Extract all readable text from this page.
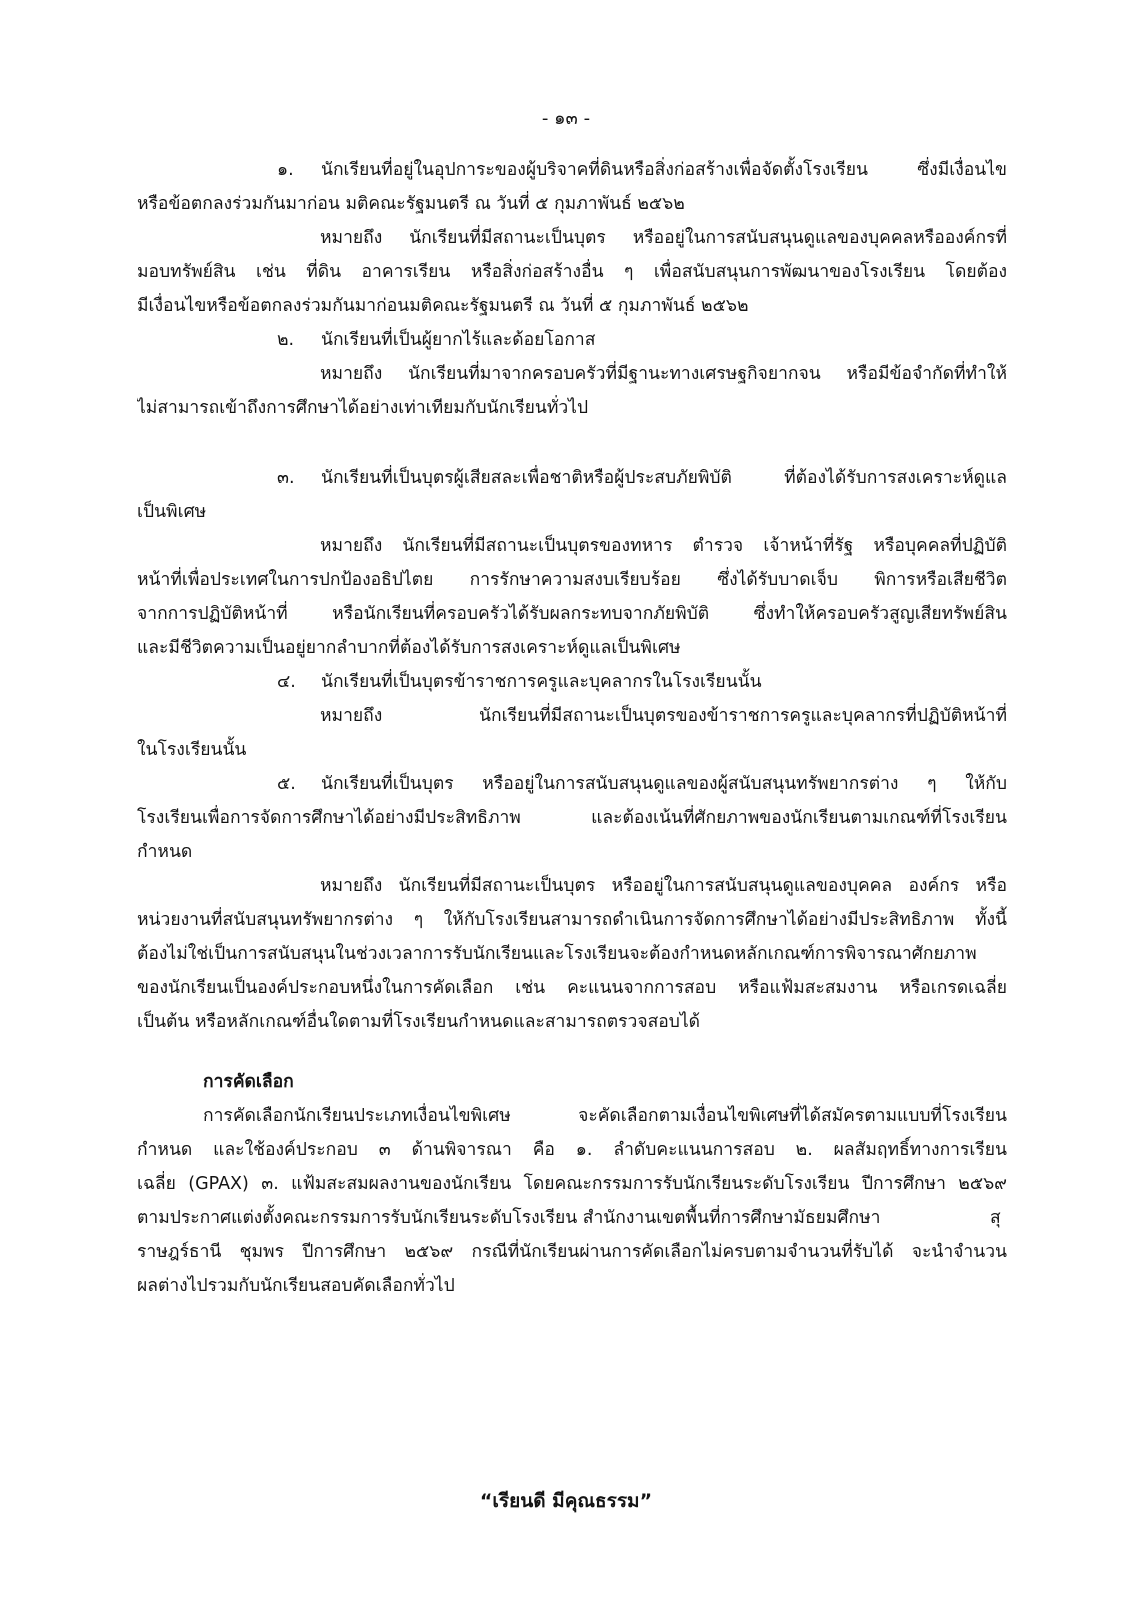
- ๑๓ -
๑. นักเรียนที่อยู่ในอุปการะของผู้บริจาคที่ดินหรือสิ่งก่อสร้างเพื่อจัดตั้งโรงเรียน ซึ่งมีเงื่อนไข
หรือข้อตกลงร่วมกันมาก่อน มติคณะรัฐมนตรี ณ วันที่ ๕ กุมภาพันธ์ ๒๕๖๒
หมายถึง นักเรียนที่มีสถานะเป็นบุตร หรืออยู่ในการสนับสนุนดูแลของบุคคลหรือองค์กรที่
มอบทรัพย์สิน เช่น ที่ดิน อาคารเรียน หรือสิ่งก่อสร้างอื่น ๆ เพื่อสนับสนุนการพัฒนาของโรงเรียน โดยต้อง
มีเงื่อนไขหรือข้อตกลงร่วมกันมาก่อนมติคณะรัฐมนตรี ณ วันที่ ๕ กุมภาพันธ์ ๒๕๖๒
๒. นักเรียนที่เป็นผู้ยากไร้และด้อยโอกาส
หมายถึง นักเรียนที่มาจากครอบครัวที่มีฐานะทางเศรษฐกิจยากจน หรือมีข้อจำกัดที่ทำให้
ไม่สามารถเข้าถึงการศึกษาได้อย่างเท่าเทียมกับนักเรียนทั่วไป
๓. นักเรียนที่เป็นบุตรผู้เสียสละเพื่อชาติหรือผู้ประสบภัยพิบัติ ที่ต้องได้รับการสงเคราะห์ดูแล
เป็นพิเศษ
หมายถึง นักเรียนที่มีสถานะเป็นบุตรของทหาร ตำรวจ เจ้าหน้าที่รัฐ หรือบุคคลที่ปฏิบัติ
หน้าที่เพื่อประเทศในการปกป้องอธิปไตย การรักษาความสงบเรียบร้อย ซึ่งได้รับบาดเจ็บ พิการหรือเสียชีวิต
จากการปฏิบัติหน้าที่ หรือนักเรียนที่ครอบครัวได้รับผลกระทบจากภัยพิบัติ ซึ่งทำให้ครอบครัวสูญเสียทรัพย์สิน
และมีชีวิตความเป็นอยู่ยากลำบากที่ต้องได้รับการสงเคราะห์ดูแลเป็นพิเศษ
๔. นักเรียนที่เป็นบุตรข้าราชการครูและบุคลากรในโรงเรียนนั้น
หมายถึง นักเรียนที่มีสถานะเป็นบุตรของข้าราชการครูและบุคลากรที่ปฏิบัติหน้าที่
ในโรงเรียนนั้น
๕. นักเรียนที่เป็นบุตร หรืออยู่ในการสนับสนุนดูแลของผู้สนับสนุนทรัพยากรต่าง ๆ ให้กับ
โรงเรียนเพื่อการจัดการศึกษาได้อย่างมีประสิทธิภาพ และต้องเน้นที่ศักยภาพของนักเรียนตามเกณฑ์ที่โรงเรียน
กำหนด
หมายถึง นักเรียนที่มีสถานะเป็นบุตร หรืออยู่ในการสนับสนุนดูแลของบุคคล องค์กร หรือ
หน่วยงานที่สนับสนุนทรัพยากรต่าง ๆ ให้กับโรงเรียนสามารถดำเนินการจัดการศึกษาได้อย่างมีประสิทธิภาพ ทั้งนี้
ต้องไม่ใช่เป็นการสนับสนุนในช่วงเวลาการรับนักเรียนและโรงเรียนจะต้องกำหนดหลักเกณฑ์การพิจารณาศักยภาพ
ของนักเรียนเป็นองค์ประกอบหนึ่งในการคัดเลือก เช่น คะแนนจากการสอบ หรือแฟ้มสะสมงาน หรือเกรดเฉลี่ย
เป็นต้น หรือหลักเกณฑ์อื่นใดตามที่โรงเรียนกำหนดและสามารถตรวจสอบได้
การคัดเลือก
การคัดเลือกนักเรียนประเภทเงื่อนไขพิเศษ จะคัดเลือกตามเงื่อนไขพิเศษที่ได้สมัครตามแบบที่โรงเรียน
กำหนด และใช้องค์ประกอบ ๓ ด้านพิจารณา คือ ๑. ลำดับคะแนนการสอบ ๒. ผลสัมฤทธิ์ทางการเรียน
เฉลี่ย (GPAX) ๓. แฟ้มสะสมผลงานของนักเรียน โดยคณะกรรมการรับนักเรียนระดับโรงเรียน ปีการศึกษา ๒๕๖๙
ตามประกาศแต่งตั้งคณะกรรมการรับนักเรียนระดับโรงเรียน สำนักงานเขตพื้นที่การศึกษามัธยมศึกษา	สุ
ราษฎร์ธานี ชุมพร ปีการศึกษา ๒๕๖๙ กรณีที่นักเรียนผ่านการคัดเลือกไม่ครบตามจำนวนที่รับได้ จะนำจำนวน
ผลต่างไปรวมกับนักเรียนสอบคัดเลือกทั่วไป
“เรียนดี มีคุณธรรม”
